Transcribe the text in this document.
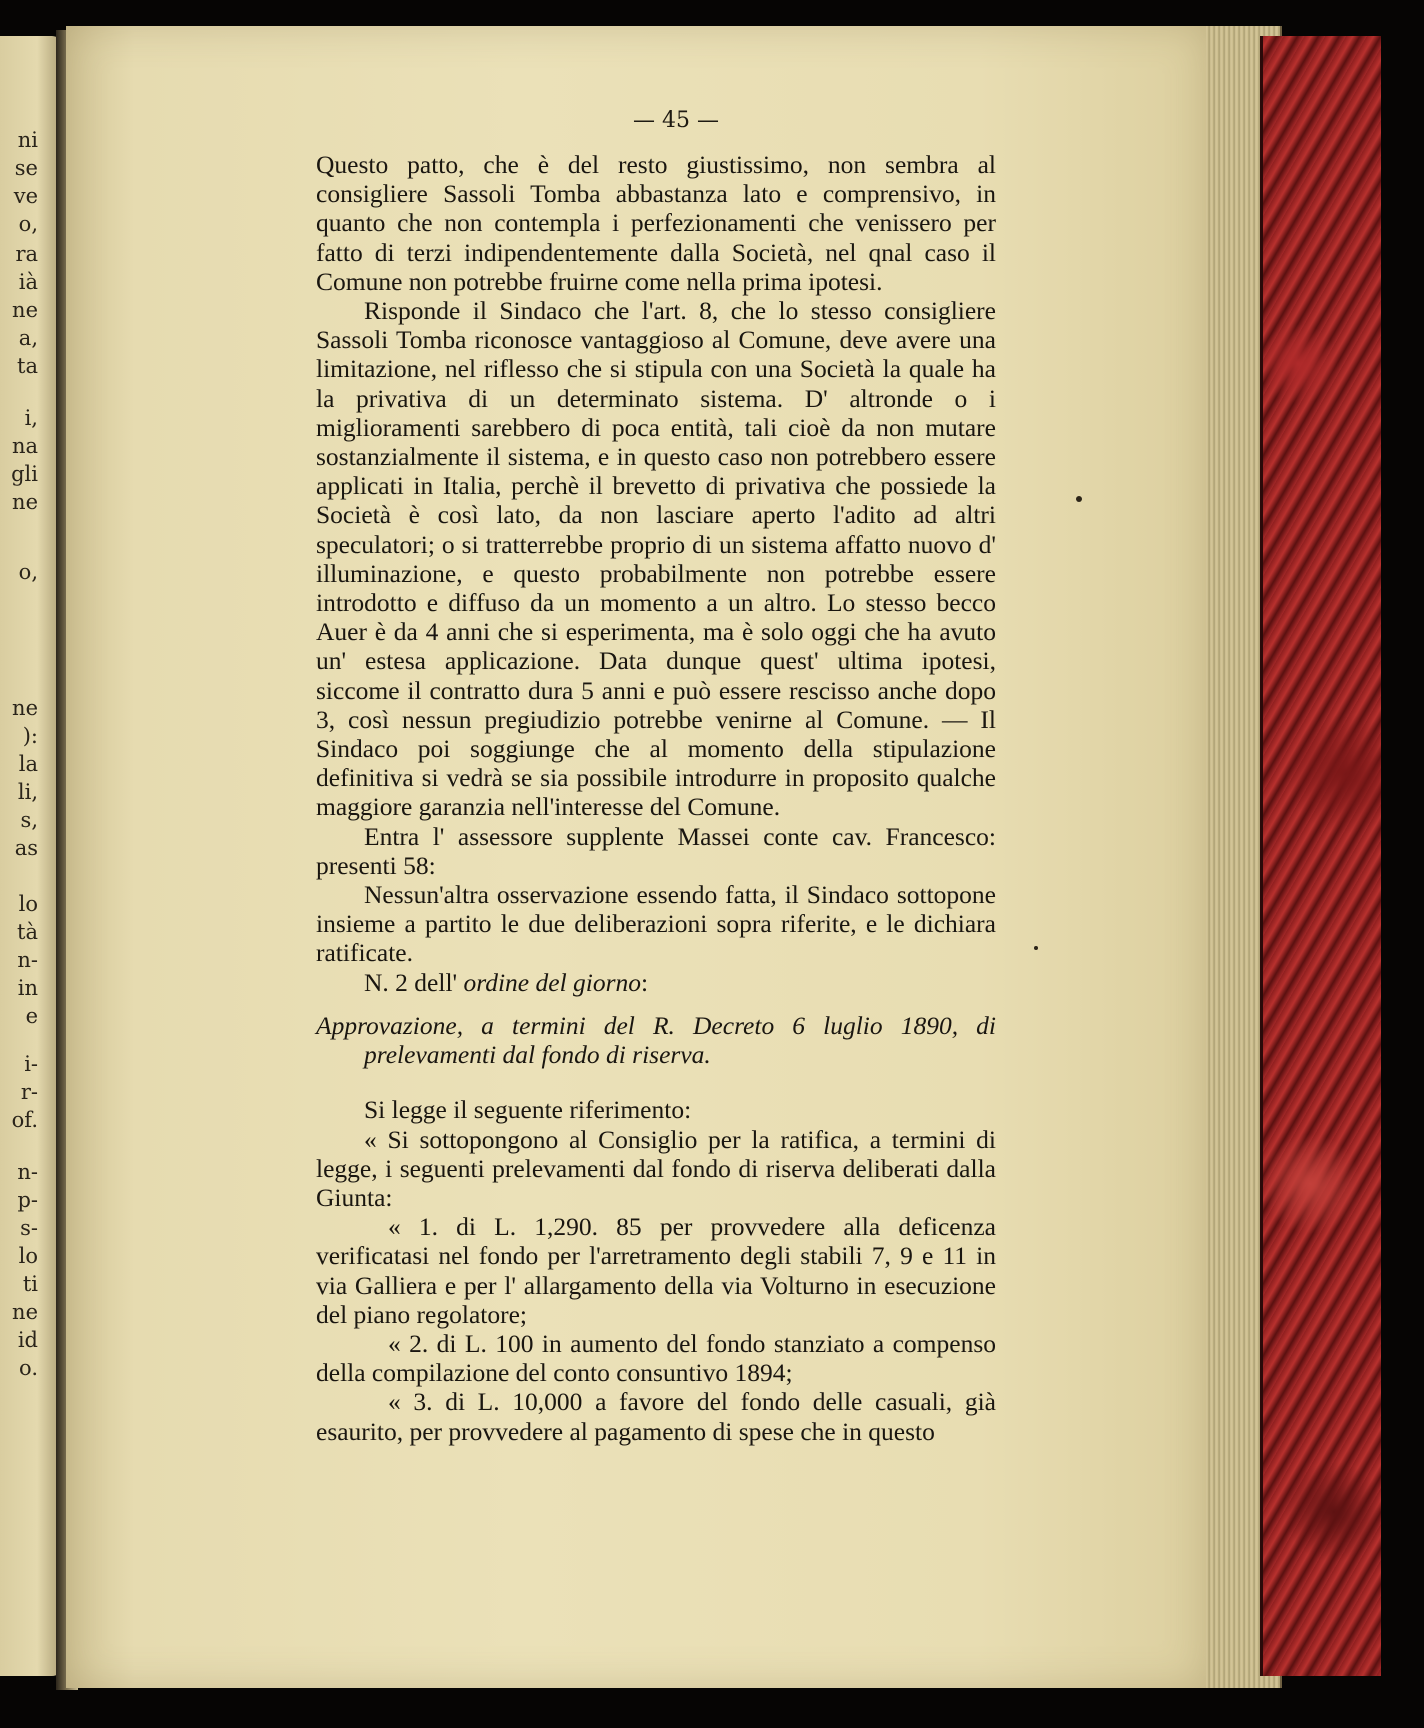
ni
se
ve
o,
ra
ià
ne
a,
ta
i,
na
gli
ne
o,
ne
):
la
li,
s,
as
lo
tà
n-
in
e
i-
r-
of.
n-
p-
s-
lo
ti
ne
id
o.
— 45 —

Questo patto, che è del resto giustissimo, non sembra al consigliere Sassoli Tomba abbastanza lato e comprensivo, in quanto che non contempla i perfezionamenti che venissero per fatto di terzi indipendentemente dalla Società, nel qnal caso il Comune non potrebbe fruirne come nella prima ipotesi.

Risponde il Sindaco che l'art. 8, che lo stesso consigliere Sassoli Tomba riconosce vantaggioso al Comune, deve avere una limitazione, nel riflesso che si stipula con una Società la quale ha la privativa di un determinato sistema. D' altronde o i miglioramenti sarebbero di poca entità, tali cioè da non mutare sostanzialmente il sistema, e in questo caso non potrebbero essere applicati in Italia, perchè il brevetto di privativa che possiede la Società è così lato, da non lasciare aperto l'adito ad altri speculatori; o si tratterrebbe proprio di un sistema affatto nuovo d' illuminazione, e questo probabilmente non potrebbe essere introdotto e diffuso da un momento a un altro. Lo stesso becco Auer è da 4 anni che si esperimenta, ma è solo oggi che ha avuto un' estesa applicazione. Data dunque quest' ultima ipotesi, siccome il contratto dura 5 anni e può essere rescisso anche dopo 3, così nessun pregiudizio potrebbe venirne al Comune. — Il Sindaco poi soggiunge che al momento della stipulazione definitiva si vedrà se sia possibile introdurre in proposito qualche maggiore garanzia nell'interesse del Comune.

Entra l' assessore supplente Massei conte cav. Francesco: presenti 58:

Nessun'altra osservazione essendo fatta, il Sindaco sottopone insieme a partito le due deliberazioni sopra riferite, e le dichiara ratificate.

N. 2 dell' ordine del giorno:

Approvazione, a termini del R. Decreto 6 luglio 1890, di prelevamenti dal fondo di riserva.

Si legge il seguente riferimento:

« Si sottopongono al Consiglio per la ratifica, a termini di legge, i seguenti prelevamenti dal fondo di riserva deliberati dalla Giunta:

« 1. di L. 1,290. 85 per provvedere alla deficenza verificatasi nel fondo per l'arretramento degli stabili 7, 9 e 11 in via Galliera e per l' allargamento della via Volturno in esecuzione del piano regolatore;

« 2. di L. 100 in aumento del fondo stanziato a compenso della compilazione del conto consuntivo 1894;

« 3. di L. 10,000 a favore del fondo delle casuali, già esaurito, per provvedere al pagamento di spese che in questo
